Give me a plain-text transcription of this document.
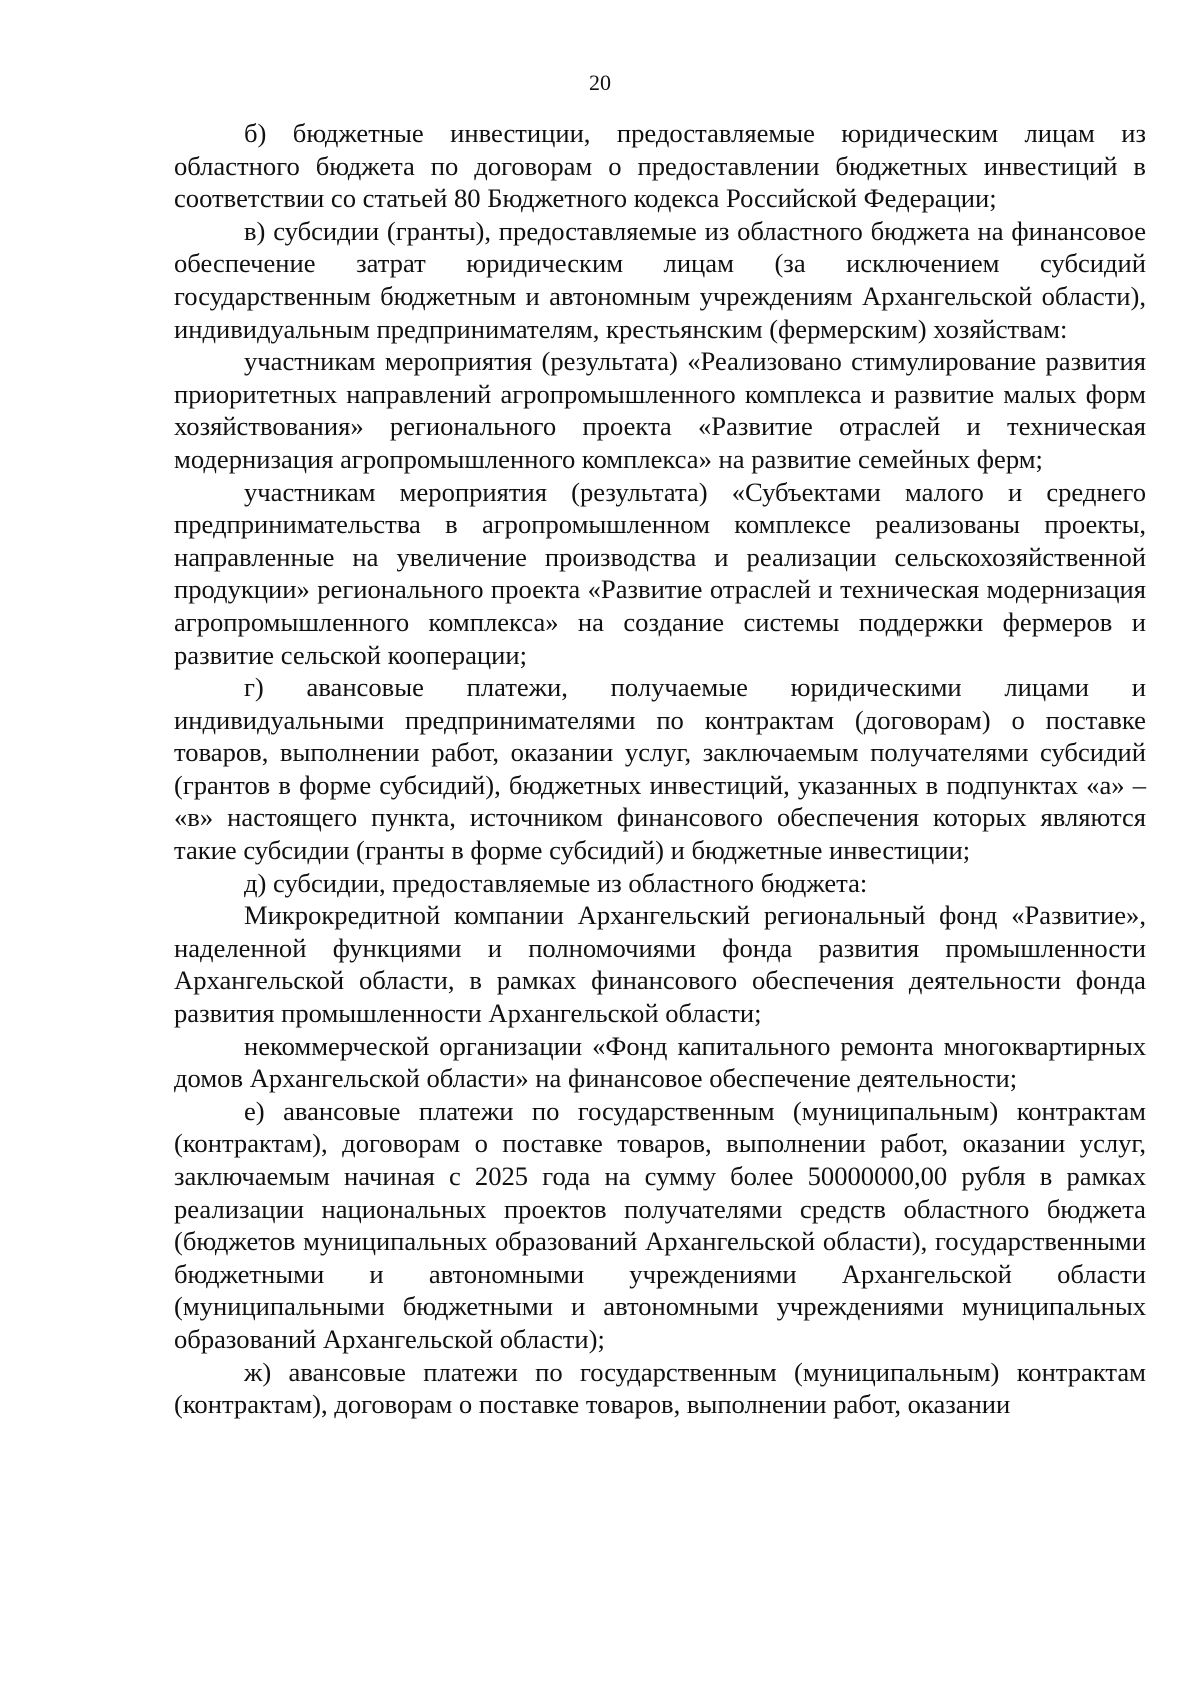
20

б) бюджетные инвестиции, предоставляемые юридическим лицам из областного бюджета по договорам о предоставлении бюджетных инвестиций в соответствии со статьей 80 Бюджетного кодекса Российской Федерации;

в) субсидии (гранты), предоставляемые из областного бюджета на финансовое обеспечение затрат юридическим лицам (за исключением субсидий государственным бюджетным и автономным учреждениям Архангельской области), индивидуальным предпринимателям, крестьянским (фермерским) хозяйствам:

участникам мероприятия (результата) «Реализовано стимулирование развития приоритетных направлений агропромышленного комплекса и развитие малых форм хозяйствования» регионального проекта «Развитие отраслей и техническая модернизация агропромышленного комплекса» на развитие семейных ферм;

участникам мероприятия (результата) «Субъектами малого и среднего предпринимательства в агропромышленном комплексе реализованы проекты, направленные на увеличение производства и реализации сельскохозяйственной продукции» регионального проекта «Развитие отраслей и техническая модернизация агропромышленного комплекса» на создание системы поддержки фермеров и развитие сельской кооперации;

г) авансовые платежи, получаемые юридическими лицами и индивидуальными предпринимателями по контрактам (договорам) о поставке товаров, выполнении работ, оказании услуг, заключаемым получателями субсидий (грантов в форме субсидий), бюджетных инвестиций, указанных в подпунктах «а» – «в» настоящего пункта, источником финансового обеспечения которых являются такие субсидии (гранты в форме субсидий) и бюджетные инвестиции;

д) субсидии, предоставляемые из областного бюджета:

Микрокредитной компании Архангельский региональный фонд «Развитие», наделенной функциями и полномочиями фонда развития промышленности Архангельской области, в рамках финансового обеспечения деятельности фонда развития промышленности Архангельской области;

некоммерческой организации «Фонд капитального ремонта многоквартирных домов Архангельской области» на финансовое обеспечение деятельности;

е) авансовые платежи по государственным (муниципальным) контрактам (контрактам), договорам о поставке товаров, выполнении работ, оказании услуг, заключаемым начиная с 2025 года на сумму более 50000000,00 рубля в рамках реализации национальных проектов получателями средств областного бюджета (бюджетов муниципальных образований Архангельской области), государственными бюджетными и автономными учреждениями Архангельской области (муниципальными бюджетными и автономными учреждениями муниципальных образований Архангельской области);

ж) авансовые платежи по государственным (муниципальным) контрактам (контрактам), договорам о поставке товаров, выполнении работ, оказании
